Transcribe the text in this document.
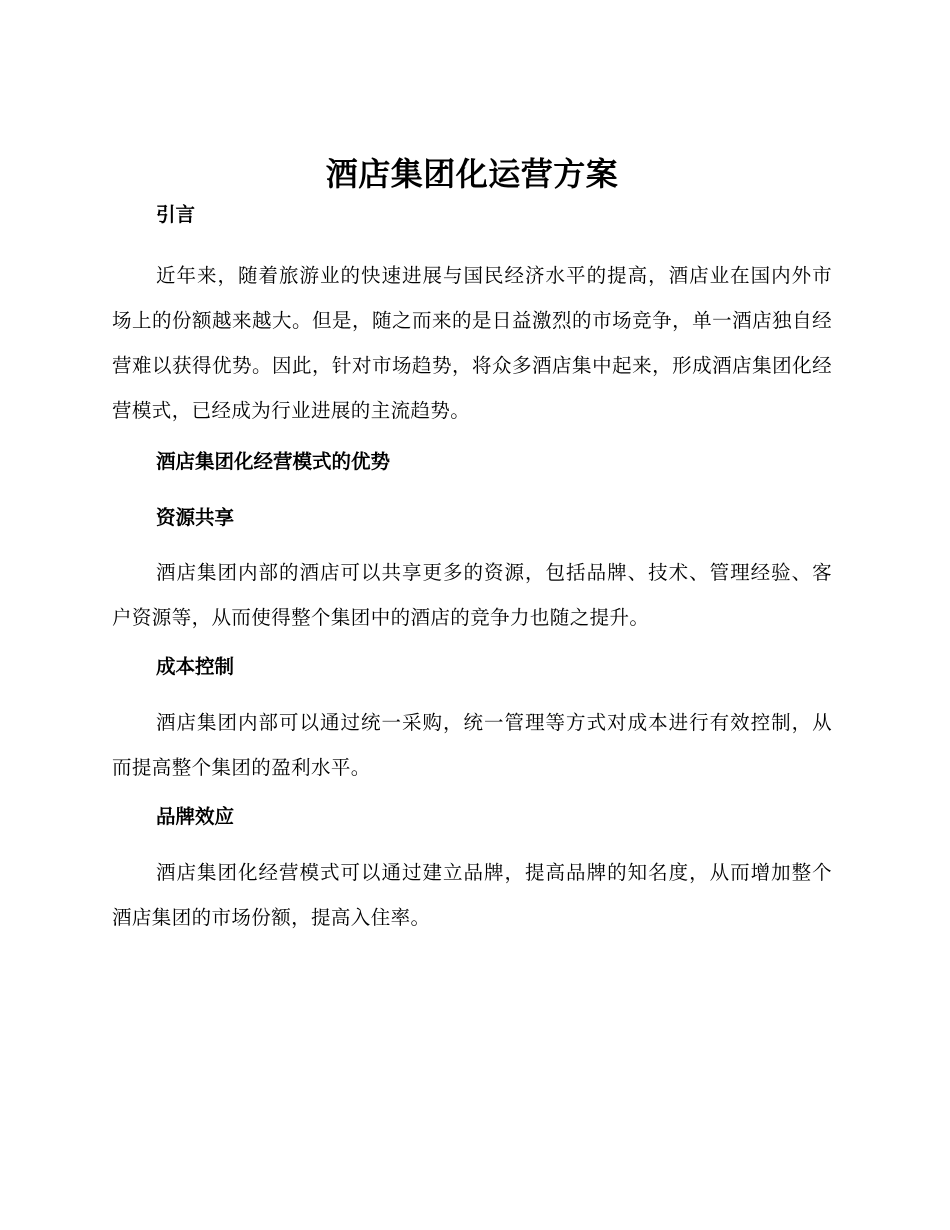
酒店集团化运营方案
引言

近年来，随着旅游业的快速进展与国民经济水平的提高，酒店业在国内外市场上的份额越来越大。但是，随之而来的是日益激烈的市场竞争，单一酒店独自经营难以获得优势。因此，针对市场趋势，将众多酒店集中起来，形成酒店集团化经营模式，已经成为行业进展的主流趋势。

酒店集团化经营模式的优势
资源共享

酒店集团内部的酒店可以共享更多的资源，包括品牌、技术、管理经验、客户资源等，从而使得整个集团中的酒店的竞争力也随之提升。

成本控制

酒店集团内部可以通过统一采购，统一管理等方式对成本进行有效控制，从而提高整个集团的盈利水平。

品牌效应

酒店集团化经营模式可以通过建立品牌，提高品牌的知名度，从而增加整个酒店集团的市场份额，提高入住率。
